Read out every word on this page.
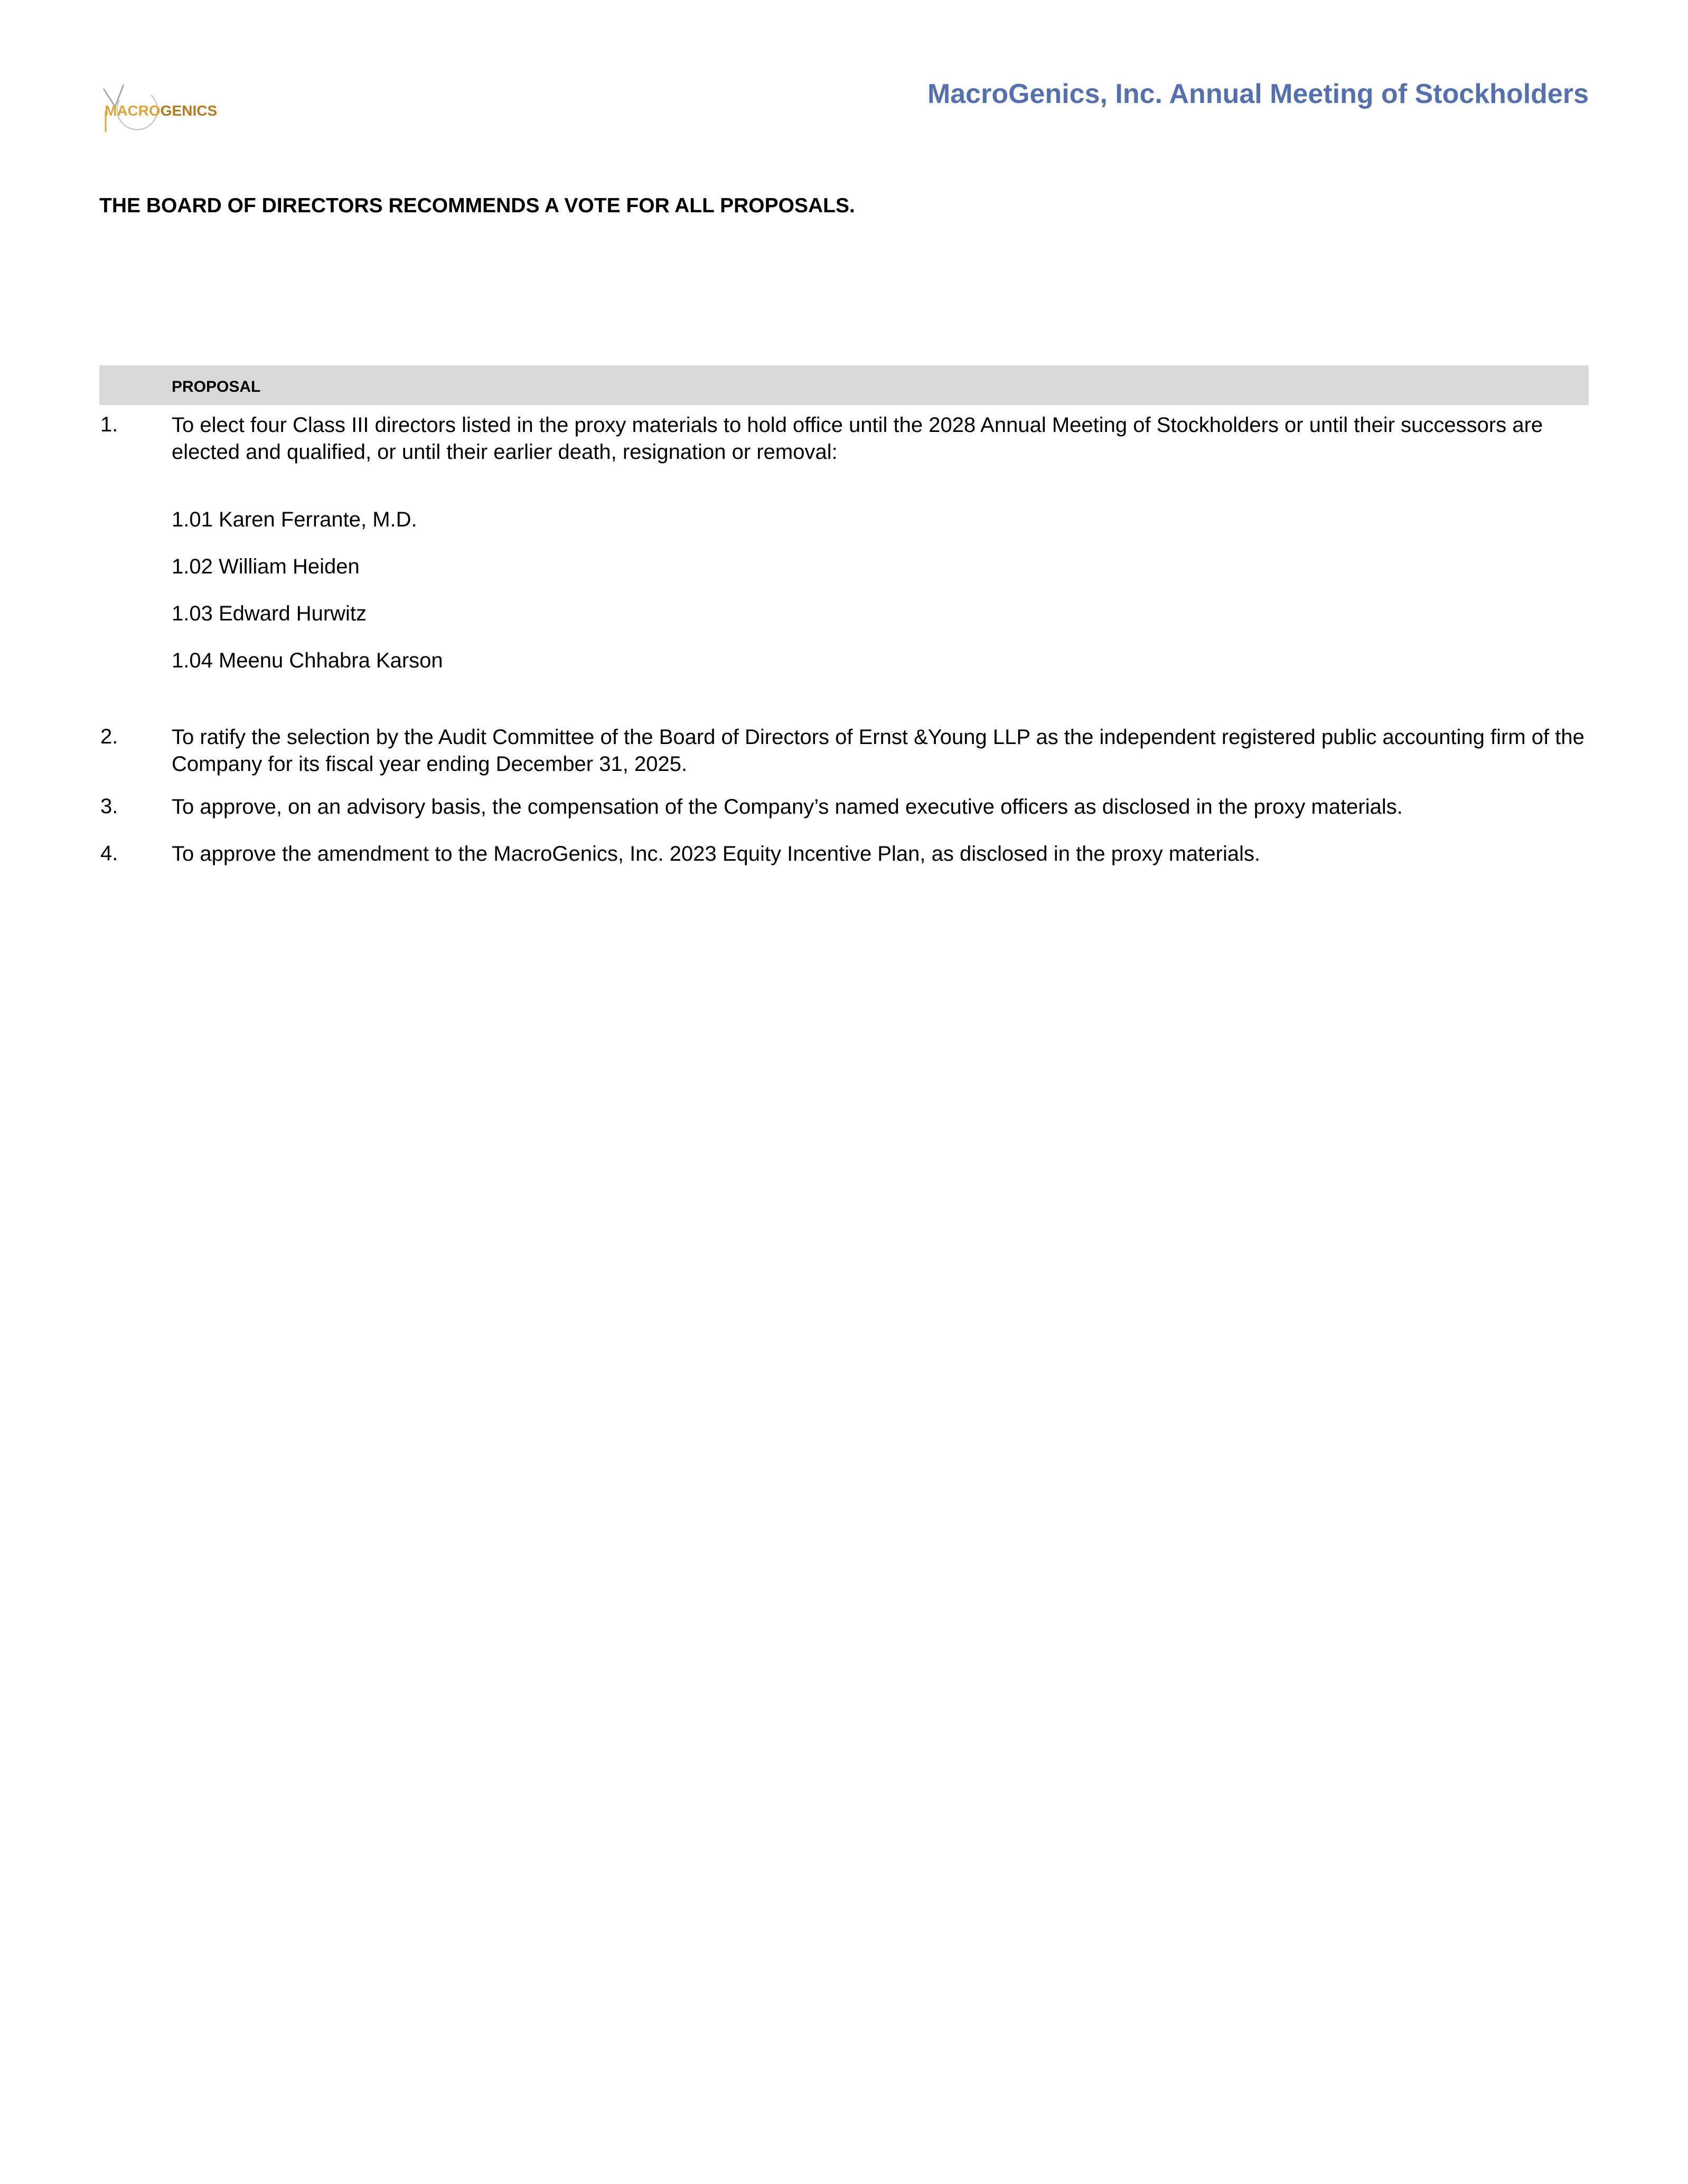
MACROGENICS
MacroGenics, Inc. Annual Meeting of Stockholders
THE BOARD OF DIRECTORS RECOMMENDS A VOTE FOR ALL PROPOSALS.
PROPOSAL
1.	To elect four Class III directors listed in the proxy materials to hold office until the 2028 Annual Meeting of Stockholders or until their successors are elected and qualified, or until their earlier death, resignation or removal:
1.01 Karen Ferrante, M.D.
1.02 William Heiden
1.03 Edward Hurwitz
1.04 Meenu Chhabra Karson
2.	To ratify the selection by the Audit Committee of the Board of Directors of Ernst &Young LLP as the independent registered public accounting firm of the Company for its fiscal year ending December 31, 2025.
3.	To approve, on an advisory basis, the compensation of the Company’s named executive officers as disclosed in the proxy materials.
4.	To approve the amendment to the MacroGenics, Inc. 2023 Equity Incentive Plan, as disclosed in the proxy materials.
